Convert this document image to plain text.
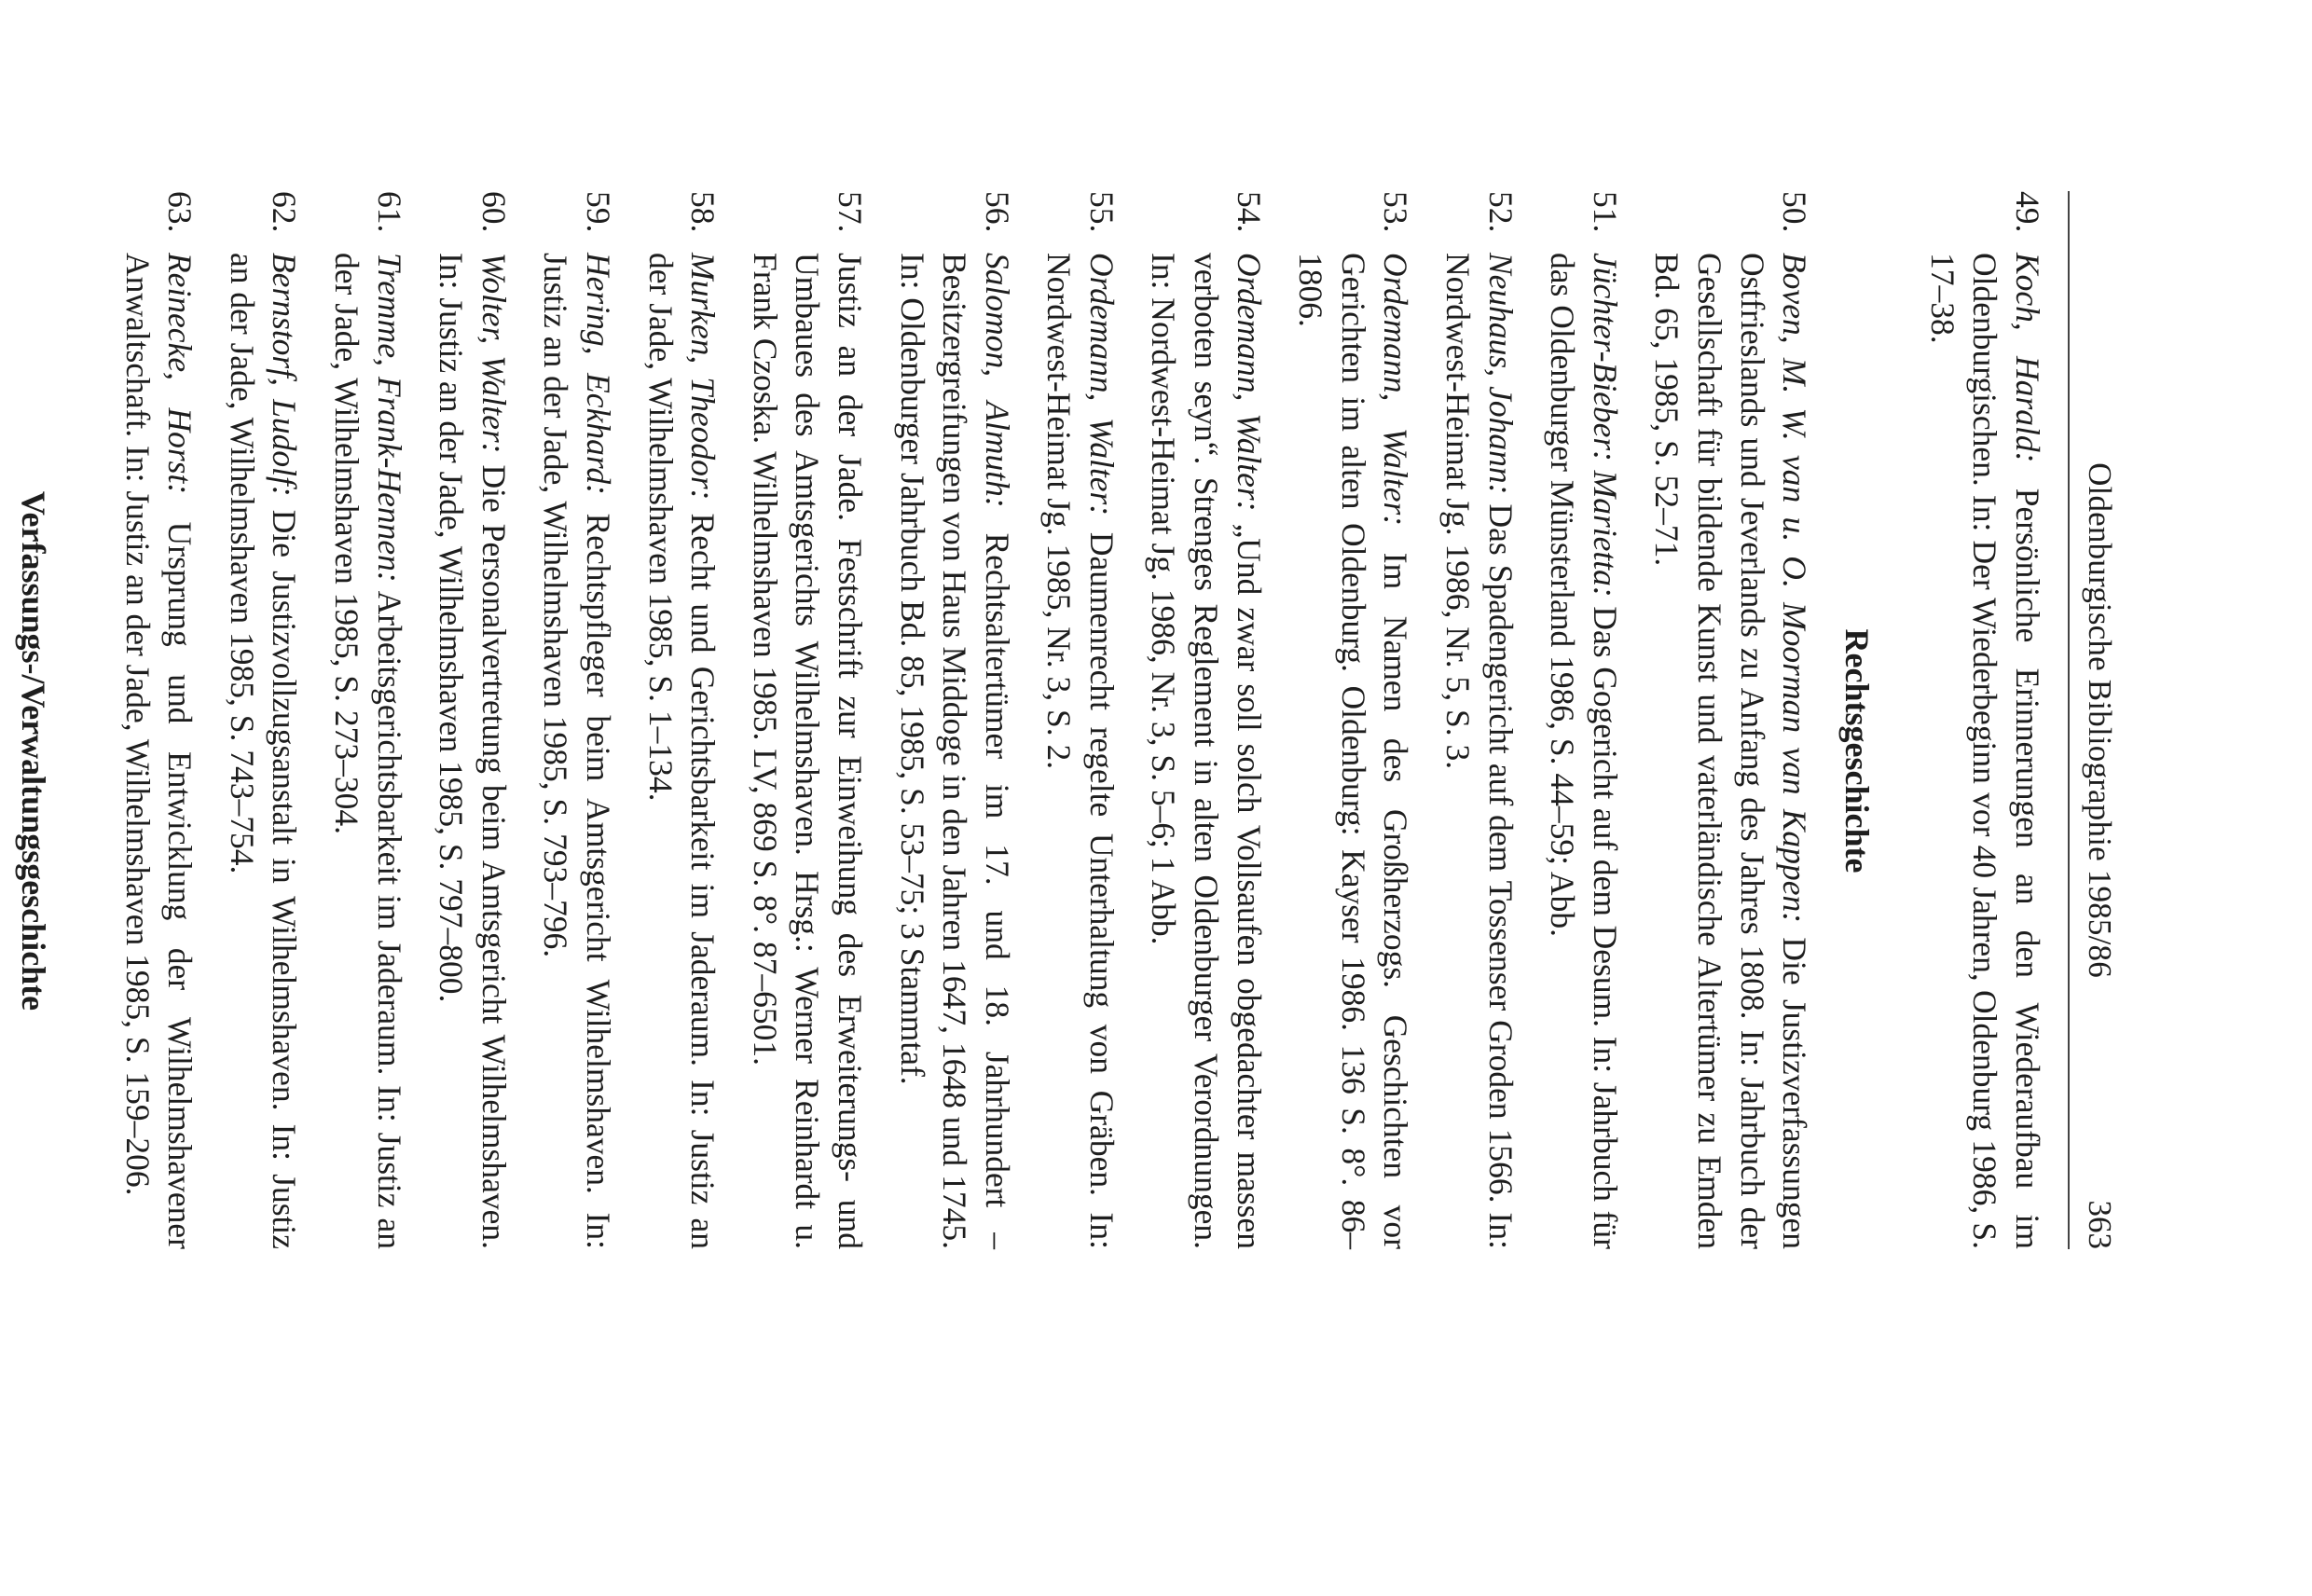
Oldenburgische Bibliographie 1985/86
363
49.
Koch, Harald: Persönliche Erinnerungen an den Wiederaufbau im Oldenburgischen. In: Der Wiederbeginn vor 40 Jahren, Oldenburg 1986, S. 17–38.
Rechtsgeschichte
50.
Boven, M. W. van u. O. Moorman van Kappen: Die Justizverfassungen Ostfrieslands und Jeverlands zu Anfang des Jahres 1808. In: Jahrbuch der Gesellschaft für bildende Kunst und vaterländische Altertümer zu Emden Bd. 65, 1985, S. 52–71.
51.
Jüchter-Bieber: Marietta: Das Gogericht auf dem Desum. In: Jahrbuch für das Oldenburger Münsterland 1986, S. 44–59; Abb.
52.
Neuhaus, Johann: Das Spadengericht auf dem Tossenser Groden 1566. In: Nordwest-Heimat Jg. 1986, Nr. 5, S. 3.
53.
Ordemann, Walter: Im Namen des Großherzogs. Geschichten vor Gerichten im alten Oldenburg. Oldenburg: Kayser 1986. 136 S. 8°. 86–1806.
54.
Ordemann, Walter: „Und zwar soll solch Vollsaufen obgedachter massen verboten seyn“. Strenges Reglement in alten Oldenburger Verordnungen. In: Nordwest-Heimat Jg. 1986, Nr. 3, S. 5–6; 1 Abb.
55.
Ordemann, Walter: Daumenrecht regelte Unterhaltung von Gräben. In: Nordwest-Heimat Jg. 1985, Nr. 3, S. 2.
56.
Salomon, Almuth: Rechtsaltertümer im 17. und 18. Jahrhundert – Besitzergreifungen von Haus Middoge in den Jahren 1647, 1648 und 1745. In: Oldenburger Jahrbuch Bd. 85, 1985, S. 53–75; 3 Stammtaf.
57.
Justiz an der Jade. Festschrift zur Einweihung des Erweiterungs- und Umbaues des Amtsgerichts Wilhelmshaven. Hrsg.: Werner Reinhardt u. Frank Czoska. Wilhelmshaven 1985. LV, 869 S. 8°. 87–6501.
58.
Murken, Theodor: Recht und Gerichtsbarkeit im Jaderaum. In: Justiz an der Jade, Wilhelmshaven 1985, S. 1–134.
59.
Hering, Eckhard: Rechtspfleger beim Amtsgericht Wilhelmshaven. In: Justiz an der Jade, Wilhelmshaven 1985, S. 793–796.
60.
Wolter, Walter: Die Personalvertretung beim Amtsgericht Wilhelmshaven. In: Justiz an der Jade, Wilhelmshaven 1985, S. 797–800.
61.
Tremme, Frank-Hennen: Arbeitsgerichtsbarkeit im Jaderaum. In: Justiz an der Jade, Wilhelmshaven 1985, S. 273–304.
62.
Bernstorf, Ludolf: Die Justizvollzugsanstalt in Wilhelmshaven. In: Justiz an der Jade, Wilhelmshaven 1985, S. 743–754.
63.
Reinecke, Horst: Ursprung und Entwicklung der Wilhelmshavener Anwaltschaft. In: Justiz an der Jade, Wilhelmshaven 1985, S. 159–206.
Verfassungs-/Verwaltungsgeschichte
